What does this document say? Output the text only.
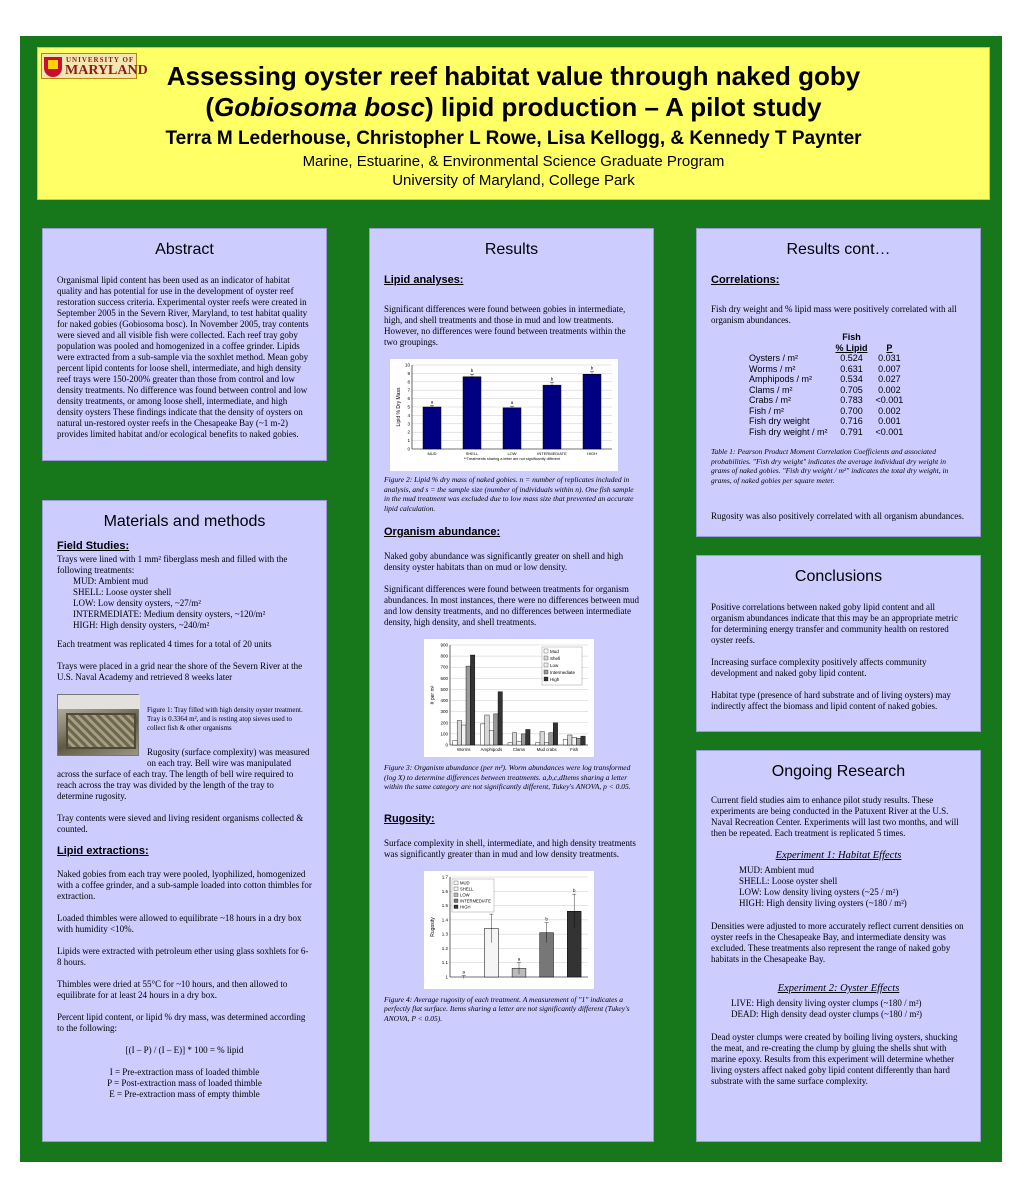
UNIVERSITY OF
MARYLAND Assessing oyster reef habitat value through naked goby
(Gobiosoma bosc) lipid production – A pilot study
Terra M Lederhouse, Christopher L Rowe, Lisa Kellogg, & Kennedy T Paynter
Marine, Estuarine, & Environmental Science Graduate Program
University of Maryland, College Park
Abstract

Organismal lipid content has been used as an indicator of habitat quality and has potential for use in the development of oyster reef restoration success criteria. Experimental oyster reefs were created in September 2005 in the Severn River, Maryland, to test habitat quality for naked gobies (Gobiosoma bosc). In November 2005, tray contents were sieved and all visible fish were collected. Each reef tray goby population was pooled and homogenized in a coffee grinder. Lipids were extracted from a sub-sample via the soxhlet method. Mean goby percent lipid contents for loose shell, intermediate, and high density reef trays were 150-200% greater than those from control and low density treatments. No difference was found between control and low density treatments, or among loose shell, intermediate, and high density oysters These findings indicate that the density of oysters on natural un-restored oyster reefs in the Chesapeake Bay (~1 m-2) provides limited habitat and/or ecological benefits to naked gobies.

Materials and methods
Field Studies:

Trays were lined with 1 mm² fiberglass mesh and filled with the following treatments:

MUD: Ambient mud
SHELL: Loose oyster shell
LOW: Low density oysters, ~27/m²
INTERMEDIATE: Medium density oysters, ~120/m²
HIGH: High density oysters, ~240/m²

Each treatment was replicated 4 times for a total of 20 units

Trays were placed in a grid near the shore of the Severn River at the U.S. Naval Academy and retrieved 8 weeks later

Figure 1: Tray filled with high density oyster treatment. Tray is 0.3364 m², and is resting atop sieves used to collect fish & other organisms

Rugosity (surface complexity) was measured on each tray. Bell wire was manipulated across the surface of each tray. The length of bell wire required to reach across the tray was divided by the length of the tray to determine rugosity.

Tray contents were sieved and living resident organisms collected & counted.

Lipid extractions:

Naked gobies from each tray were pooled, lyophilized, homogenized with a coffee grinder, and a sub-sample loaded into cotton thimbles for extraction.

Loaded thimbles were allowed to equilibrate ~18 hours in a dry box with humidity <10%.

Lipids were extracted with petroleum ether using glass soxhlets for 6-8 hours.

Thimbles were dried at 55°C for ~10 hours, and then allowed to equilibrate for at least 24 hours in a dry box.

Percent lipid content, or lipid % dry mass, was determined according to the following:

[(I – P) / (I – E)] * 100 = % lipid

I = Pre-extraction mass of loaded thimble
P = Post-extraction mass of loaded thimble
E = Pre-extraction mass of empty thimble
Results
Lipid analyses:

Significant differences were found between gobies in intermediate, high, and shell treatments and those in mud and low treatments. However, no differences were found between treatments within the two groupings.

Lipid % Dry Mass
0
1
2
3
4
5
6
7
8
9
10
MUD	SHELL	LOW	INTERMEDIATE	HIGH
a
b
a
b
b
**Treatments sharing a letter are not significantly different
Figure 2: Lipid % dry mass of naked gobies. n = number of replicates included in analysis, and s = the sample size (number of individuals within n). One fish sample in the mud treatment was excluded due to low mass size that prevented an accurate lipid calculation.
Organism abundance:

Naked goby abundance was significantly greater on shell and high density oyster habitats than on mud or low density.

Significant differences were found between treatments for organism abundances. In most instances, there were no differences between mud and low density treatments, and no differences between intermediate density, high density, and shell treatments.

# per m²
0
100
200
300
400
500
600
700
800
900
Worms Amphipods	Clams	Mud crabs	Fish
Mud
Shell
Low
Intermediate
High
Figure 3: Organism abundance (per m²). Worm abundances were log transformed (log X) to determine differences between treatments. a,b,c,dItems sharing a letter within the same category are not significantly different, Tukey's ANOVA, p < 0.05.
Rugosity:

Surface complexity in shell, intermediate, and high density treatments was significantly greater than in mud and low density treatments.

Rugosity
1
1.1
1.2
1.3
1.4
1.5
1.6
1.7
a
a
b
b
MUD
SHELL
LOW
INTERMEDIATE
HIGH
Figure 4: Average rugosity of each treatment. A measurement of "1" indicates a perfectly flat surface. Items sharing a letter are not significantly different (Tukey's ANOVA, P < 0.05).
Results cont…
Correlations:

Fish dry weight and % lipid mass were positively correlated with all organism abundances.

	Fish	
	% Lipid	P
Oysters / m²	0.524	0.031
Worms / m²	0.631	0.007
Amphipods / m²	0.534	0.027
Clams / m²	0.705	0.002
Crabs / m²	0.783	<0.001
Fish / m²	0.700	0.002
Fish dry weight	0.716	0.001
Fish dry weight / m²	0.791	<0.001
Table 1: Pearson Product Moment Correlation Coefficients and associated probabilities. "Fish dry weight" indicates the average individual dry weight in grams of naked gobies. "Fish dry weight / m²" indicates the total dry weight, in grams, of naked gobies per square meter.

Rugosity was also positively correlated with all organism abundances.

Conclusions

Positive correlations between naked goby lipid content and all organism abundances indicate that this may be an appropriate metric for determining energy transfer and community health on restored oyster reefs.

Increasing surface complexity positively affects community development and naked goby lipid content.

Habitat type (presence of hard substrate and of living oysters) may indirectly affect the biomass and lipid content of naked gobies.

Ongoing Research

Current field studies aim to enhance pilot study results. These experiments are being conducted in the Patuxent River at the U.S. Naval Recreation Center. Experiments will last two months, and will then be repeated. Each treatment is replicated 5 times.

Experiment 1: Habitat Effects
MUD: Ambient mud
SHELL: Loose oyster shell
LOW: Low density living oysters (~25 / m²)
HIGH: High density living oysters (~180 / m²)

Densities were adjusted to more accurately reflect current densities on oyster reefs in the Chesapeake Bay, and intermediate density was excluded. These treatments also represent the range of naked goby habitats in the Chesapeake Bay.

Experiment 2: Oyster Effects
LIVE: High density living oyster clumps (~180 / m²)
DEAD: High density dead oyster clumps (~180 / m²)

Dead oyster clumps were created by boiling living oysters, shucking the meat, and re-creating the clump by gluing the shells shut with marine epoxy. Results from this experiment will determine whether living oysters affect naked goby lipid content differently than hard substrate with the same surface complexity.
